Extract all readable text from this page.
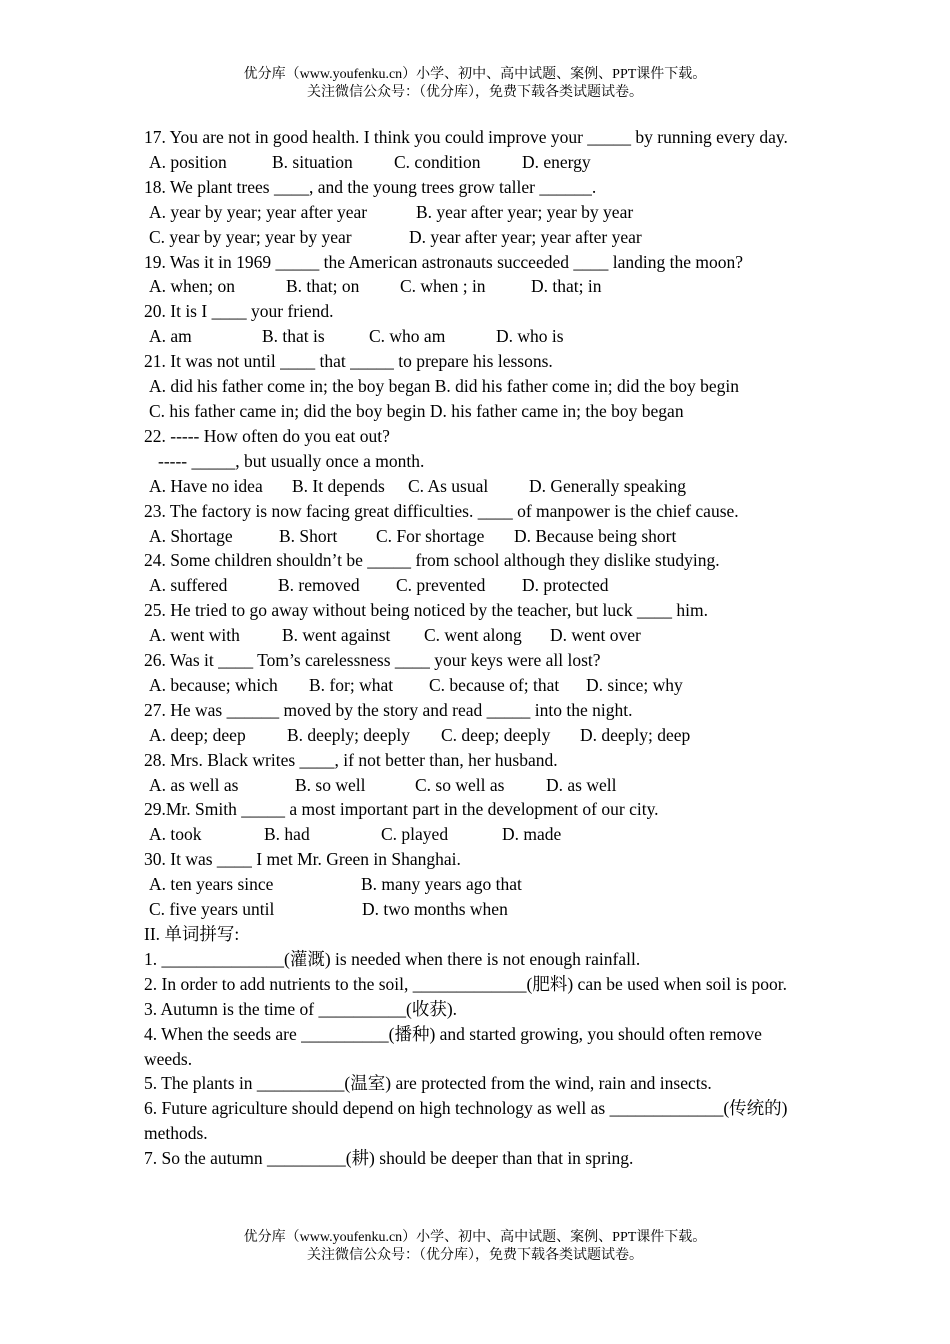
优分库（www.youfenku.cn）小学、初中、高中试题、案例、PPT课件下载。
关注微信公众号：（优分库），免费下载各类试题试卷。
17. You are not in good health. I think you could improve your _____ by running every day.
A. position	B. situation	C. condition	D. energy
18. We plant trees ____, and the young trees grow taller ______.
A. year by year; year after year	B. year after year; year by year
C. year by year; year by year	D. year after year; year after year
19. Was it in 1969 _____ the American astronauts succeeded ____ landing the moon?
A. when; on	B. that; on	C. when ; in	D. that; in
20. It is I ____ your friend.
A. am	B. that is	C. who am	D. who is
21. It was not until ____ that _____ to prepare his lessons.
A. did his father come in; the boy began B. did his father come in; did the boy begin
C. his father came in; did the boy begin D. his father came in; the boy began
22. ----- How often do you eat out?
----- _____, but usually once a month.
A. Have no idea	B. It depends	C. As usual	D. Generally speaking
23. The factory is now facing great difficulties. ____ of manpower is the chief cause.
A. Shortage	B. Short	C. For shortage	D. Because being short
24. Some children shouldn’t be _____ from school although they dislike studying.
A. suffered	B. removed	C. prevented	D. protected
25. He tried to go away without being noticed by the teacher, but luck ____ him.
A. went with	B. went against	C. went along	D. went over
26. Was it ____ Tom’s carelessness ____ your keys were all lost?
A. because; which	B. for; what	C. because of; that	D. since; why
27. He was ______ moved by the story and read _____ into the night.
A. deep; deep	B. deeply; deeply	C. deep; deeply	D. deeply; deep
28. Mrs. Black writes ____, if not better than, her husband.
A. as well as	B. so well	C. so well as	D. as well
29.Mr. Smith _____ a most important part in the development of our city.
A. took	B. had	C. played	D. made
30. It was ____ I met Mr. Green in Shanghai.
A. ten years since	B. many years ago that
C. five years until	D. two months when
II. 单词拼写:
1. ______________(灌溉) is needed when there is not enough rainfall.
2. In order to add nutrients to the soil, _____________(肥料) can be used when soil is poor.
3. Autumn is the time of __________(收获).
4. When the seeds are __________(播种) and started growing, you should often remove weeds.
5. The plants in __________(温室) are protected from the wind, rain and insects.
6. Future agriculture should depend on high technology as well as _____________(传统的) methods.
7. So the autumn _________(耕) should be deeper than that in spring.
优分库（www.youfenku.cn）小学、初中、高中试题、案例、PPT课件下载。
关注微信公众号：（优分库），免费下载各类试题试卷。
